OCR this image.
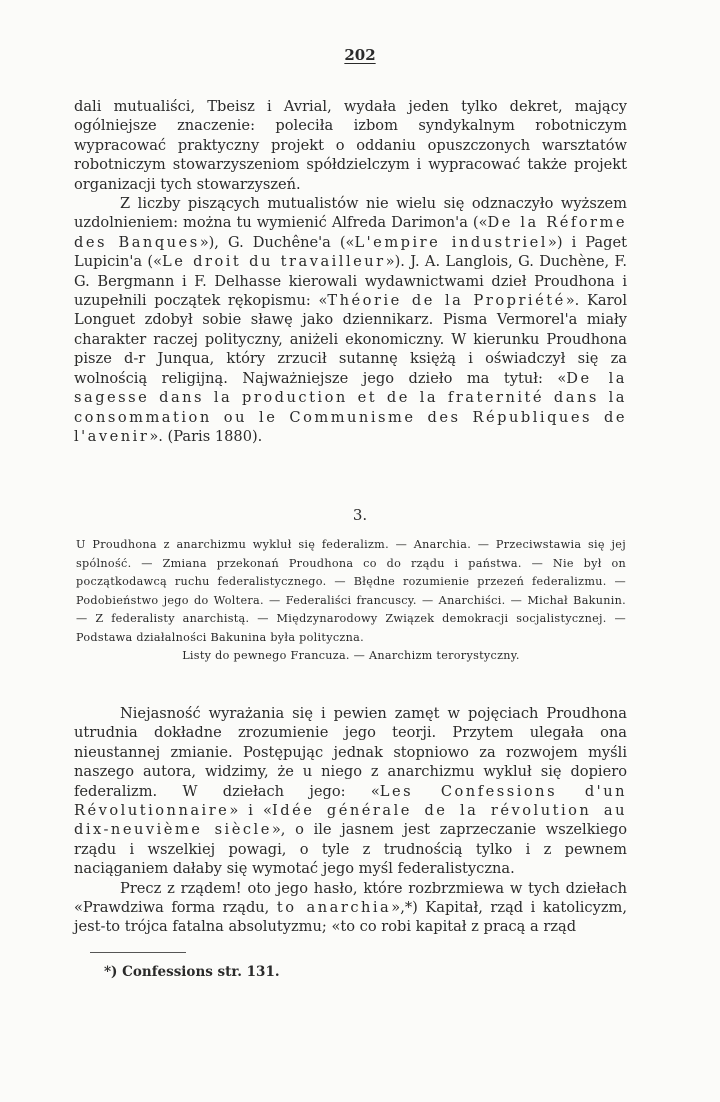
202

dali mutualiści, Tbeisz i Avrial, wydała jeden tylko dekret, mający ogólniejsze znaczenie: poleciła izbom syndykalnym robotniczym wypracować praktyczny projekt o oddaniu opuszczonych warsztatów robotniczym stowarzyszeniom spółdzielczym i wypracować także projekt organizacji tych stowarzyszeń.

Z liczby piszących mutualistów nie wielu się odznaczyło wyższem uzdolnieniem: można tu wymienić Alfreda Darimon'a («De la Réforme des Banques»), G. Duchêne'a («L'empire industriel») i Paget Lupicin'a («Le droit du travailleur»). J. A. Langlois, G. Duchène, F. G. Bergmann i F. Delhasse kierowali wydawnictwami dzieł Proudhona i uzupełnili początek rękopismu: «Théorie de la Propriété». Karol Longuet zdobył sobie sławę jako dziennikarz. Pisma Vermorel'a miały charakter raczej polityczny, aniżeli ekonomiczny. W kierunku Proudhona pisze d-r Junqua, który zrzucił sutannę księżą i oświadczył się za wolnością religijną. Najważniejsze jego dzieło ma tytuł: «De la sagesse dans la production et de la fraternité dans la consommation ou le Communisme des Républiques de l'avenir». (Paris 1880).

3.

U Proudhona z anarchizmu wykluł się federalizm. — Anarchia. — Przeciwstawia się jej spólność. — Zmiana przekonań Proudhona co do rządu i państwa. — Nie był on początkodawcą ruchu federalistycznego. — Błędne rozumienie przezeń federalizmu. — Podobieństwo jego do Woltera. — Federaliści francuscy. — Anarchiści. — Michał Bakunin. — Z federalisty anarchistą. — Międzynarodowy Związek demokracji socjalistycznej. — Podstawa działalności Bakunina była polityczna.
Listy do pewnego Francuza. — Anarchizm terorystyczny.

Niejasność wyrażania się i pewien zamęt w pojęciach Proudhona utrudnia dokładne zrozumienie jego teorji. Przytem ulegała ona nieustannej zmianie. Postępując jednak stopniowo za rozwojem myśli naszego autora, widzimy, że u niego z anarchizmu wykluł się dopiero federalizm. W dziełach jego: «Les Confessions d'un Révolutionnaire» i «Idée générale de la révolution au dix-neuvième siècle», o ile jasnem jest zaprzeczanie wszelkiego rządu i wszelkiej powagi, o tyle z trudnością tylko i z pewnem naciąganiem dałaby się wymotać jego myśl federalistyczna.

Precz z rządem! oto jego hasło, które rozbrzmiewa w tych dziełach «Prawdziwa forma rządu, to anarchia»,*) Kapitał, rząd i katolicyzm, jest-to trójca fatalna absolutyzmu; «to co robi kapitał z pracą a rząd

*) Confessions str. 131.
